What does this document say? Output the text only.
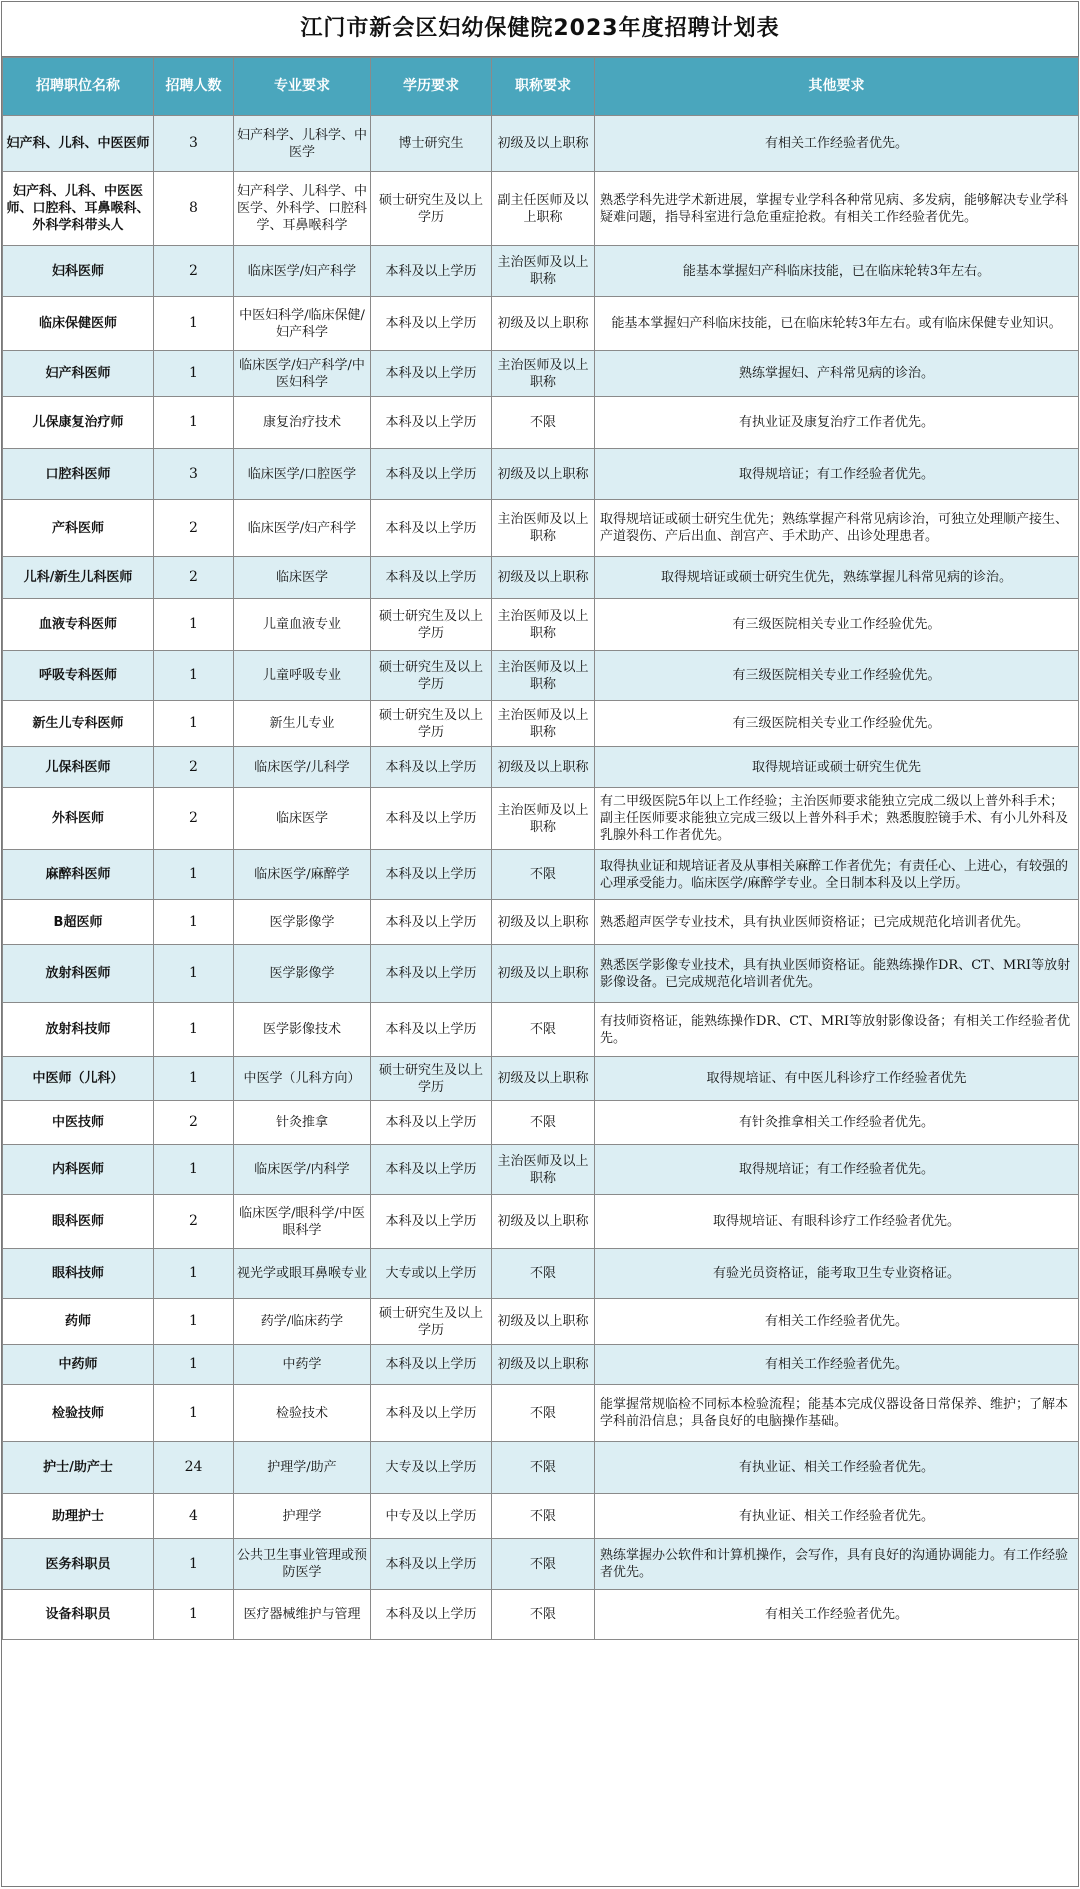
江门市新会区妇幼保健院2023年度招聘计划表
招聘职位名称	招聘人数	专业要求	学历要求	职称要求	其他要求
妇产科、儿科、中医医师	3	妇产科学、儿科学、中医学	博士研究生	初级及以上职称	有相关工作经验者优先。
妇产科、儿科、中医医师、口腔科、耳鼻喉科、外科学科带头人	8	妇产科学、儿科学、中医学、外科学、口腔科学、耳鼻喉科学	硕士研究生及以上学历	副主任医师及以上职称	熟悉学科先进学术新进展，掌握专业学科各种常见病、多发病，能够解决专业学科疑难问题，指导科室进行急危重症抢救。有相关工作经验者优先。
妇科医师	2	临床医学/妇产科学	本科及以上学历	主治医师及以上职称	能基本掌握妇产科临床技能，已在临床轮转3年左右。
临床保健医师	1	中医妇科学/临床保健/妇产科学	本科及以上学历	初级及以上职称	能基本掌握妇产科临床技能，已在临床轮转3年左右。或有临床保健专业知识。
妇产科医师	1	临床医学/妇产科学/中医妇科学	本科及以上学历	主治医师及以上职称	熟练掌握妇、产科常见病的诊治。
儿保康复治疗师	1	康复治疗技术	本科及以上学历	不限	有执业证及康复治疗工作者优先。
口腔科医师	3	临床医学/口腔医学	本科及以上学历	初级及以上职称	取得规培证；有工作经验者优先。
产科医师	2	临床医学/妇产科学	本科及以上学历	主治医师及以上职称	取得规培证或硕士研究生优先；熟练掌握产科常见病诊治，可独立处理顺产接生、产道裂伤、产后出血、剖宫产、手术助产、出诊处理患者。
儿科/新生儿科医师	2	临床医学	本科及以上学历	初级及以上职称	取得规培证或硕士研究生优先，熟练掌握儿科常见病的诊治。
血液专科医师	1	儿童血液专业	硕士研究生及以上学历	主治医师及以上职称	有三级医院相关专业工作经验优先。
呼吸专科医师	1	儿童呼吸专业	硕士研究生及以上学历	主治医师及以上职称	有三级医院相关专业工作经验优先。
新生儿专科医师	1	新生儿专业	硕士研究生及以上学历	主治医师及以上职称	有三级医院相关专业工作经验优先。
儿保科医师	2	临床医学/儿科学	本科及以上学历	初级及以上职称	取得规培证或硕士研究生优先
外科医师	2	临床医学	本科及以上学历	主治医师及以上职称	有二甲级医院5年以上工作经验；主治医师要求能独立完成二级以上普外科手术；副主任医师要求能独立完成三级以上普外科手术；熟悉腹腔镜手术、有小儿外科及乳腺外科工作者优先。
麻醉科医师	1	临床医学/麻醉学	本科及以上学历	不限	取得执业证和规培证者及从事相关麻醉工作者优先；有责任心、上进心，有较强的心理承受能力。临床医学/麻醉学专业。全日制本科及以上学历。
B超医师	1	医学影像学	本科及以上学历	初级及以上职称	熟悉超声医学专业技术，具有执业医师资格证；已完成规范化培训者优先。
放射科医师	1	医学影像学	本科及以上学历	初级及以上职称	熟悉医学影像专业技术，具有执业医师资格证。能熟练操作DR、CT、MRI等放射影像设备。已完成规范化培训者优先。
放射科技师	1	医学影像技术	本科及以上学历	不限	有技师资格证，能熟练操作DR、CT、MRI等放射影像设备；有相关工作经验者优先。
中医师（儿科）	1	中医学（儿科方向）	硕士研究生及以上学历	初级及以上职称	取得规培证、有中医儿科诊疗工作经验者优先
中医技师	2	针灸推拿	本科及以上学历	不限	有针灸推拿相关工作经验者优先。
内科医师	1	临床医学/内科学	本科及以上学历	主治医师及以上职称	取得规培证；有工作经验者优先。
眼科医师	2	临床医学/眼科学/中医眼科学	本科及以上学历	初级及以上职称	取得规培证、有眼科诊疗工作经验者优先。
眼科技师	1	视光学或眼耳鼻喉专业	大专或以上学历	不限	有验光员资格证，能考取卫生专业资格证。
药师	1	药学/临床药学	硕士研究生及以上学历	初级及以上职称	有相关工作经验者优先。
中药师	1	中药学	本科及以上学历	初级及以上职称	有相关工作经验者优先。
检验技师	1	检验技术	本科及以上学历	不限	能掌握常规临检不同标本检验流程；能基本完成仪器设备日常保养、维护；了解本学科前沿信息；具备良好的电脑操作基础。
护士/助产士	24	护理学/助产	大专及以上学历	不限	有执业证、相关工作经验者优先。
助理护士	4	护理学	中专及以上学历	不限	有执业证、相关工作经验者优先。
医务科职员	1	公共卫生事业管理或预防医学	本科及以上学历	不限	熟练掌握办公软件和计算机操作，会写作，具有良好的沟通协调能力。有工作经验者优先。
设备科职员	1	医疗器械维护与管理	本科及以上学历	不限	有相关工作经验者优先。
